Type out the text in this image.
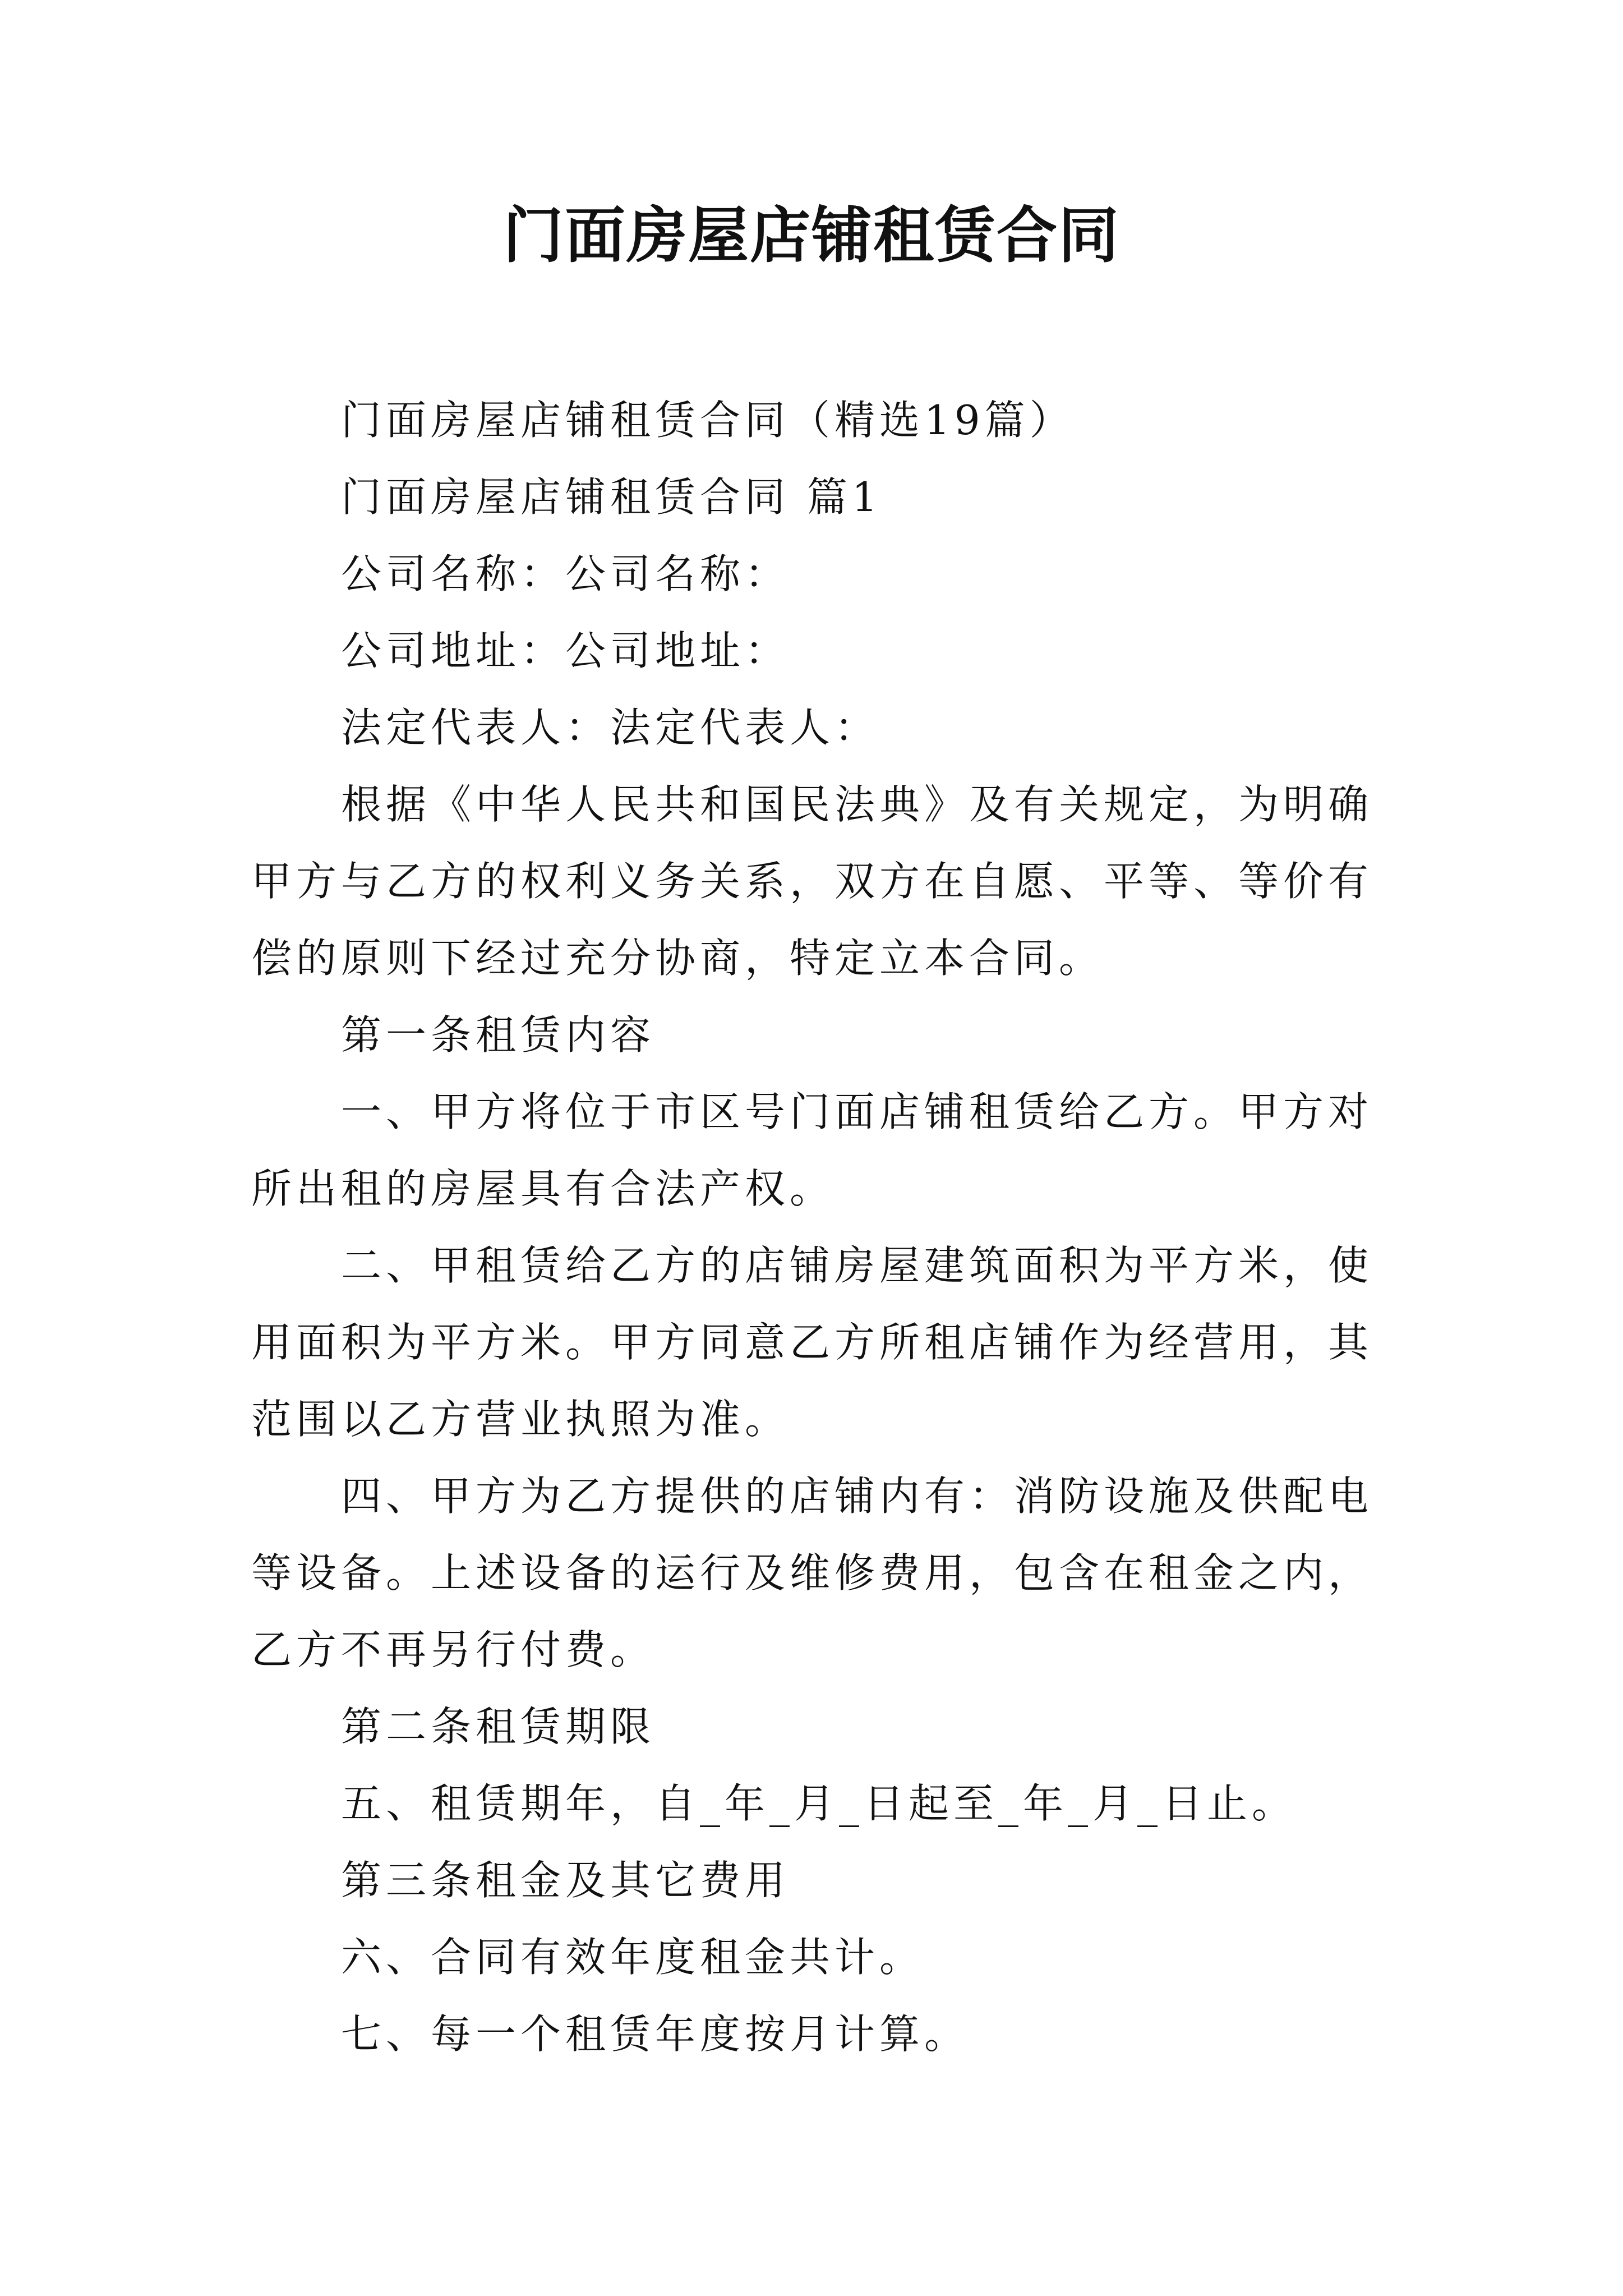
门面房屋店铺租赁合同

门面房屋店铺租赁合同（精选19篇）

门面房屋店铺租赁合同 篇1

公司名称：公司名称：

公司地址：公司地址：

法定代表人：法定代表人：

根据《中华人民共和国民法典》及有关规定，为明确甲方与乙方的权利义务关系，双方在自愿、平等、等价有偿的原则下经过充分协商，特定立本合同。

第一条租赁内容

一、甲方将位于市区号门面店铺租赁给乙方。甲方对所出租的房屋具有合法产权。

二、甲租赁给乙方的店铺房屋建筑面积为平方米，使用面积为平方米。甲方同意乙方所租店铺作为经营用，其范围以乙方营业执照为准。

四、甲方为乙方提供的店铺内有：消防设施及供配电等设备。上述设备的运行及维修费用，包含在租金之内，乙方不再另行付费。

第二条租赁期限

五、租赁期年，自_年_月_日起至_年_月_日止。

第三条租金及其它费用

六、合同有效年度租金共计。

七、每一个租赁年度按月计算。
